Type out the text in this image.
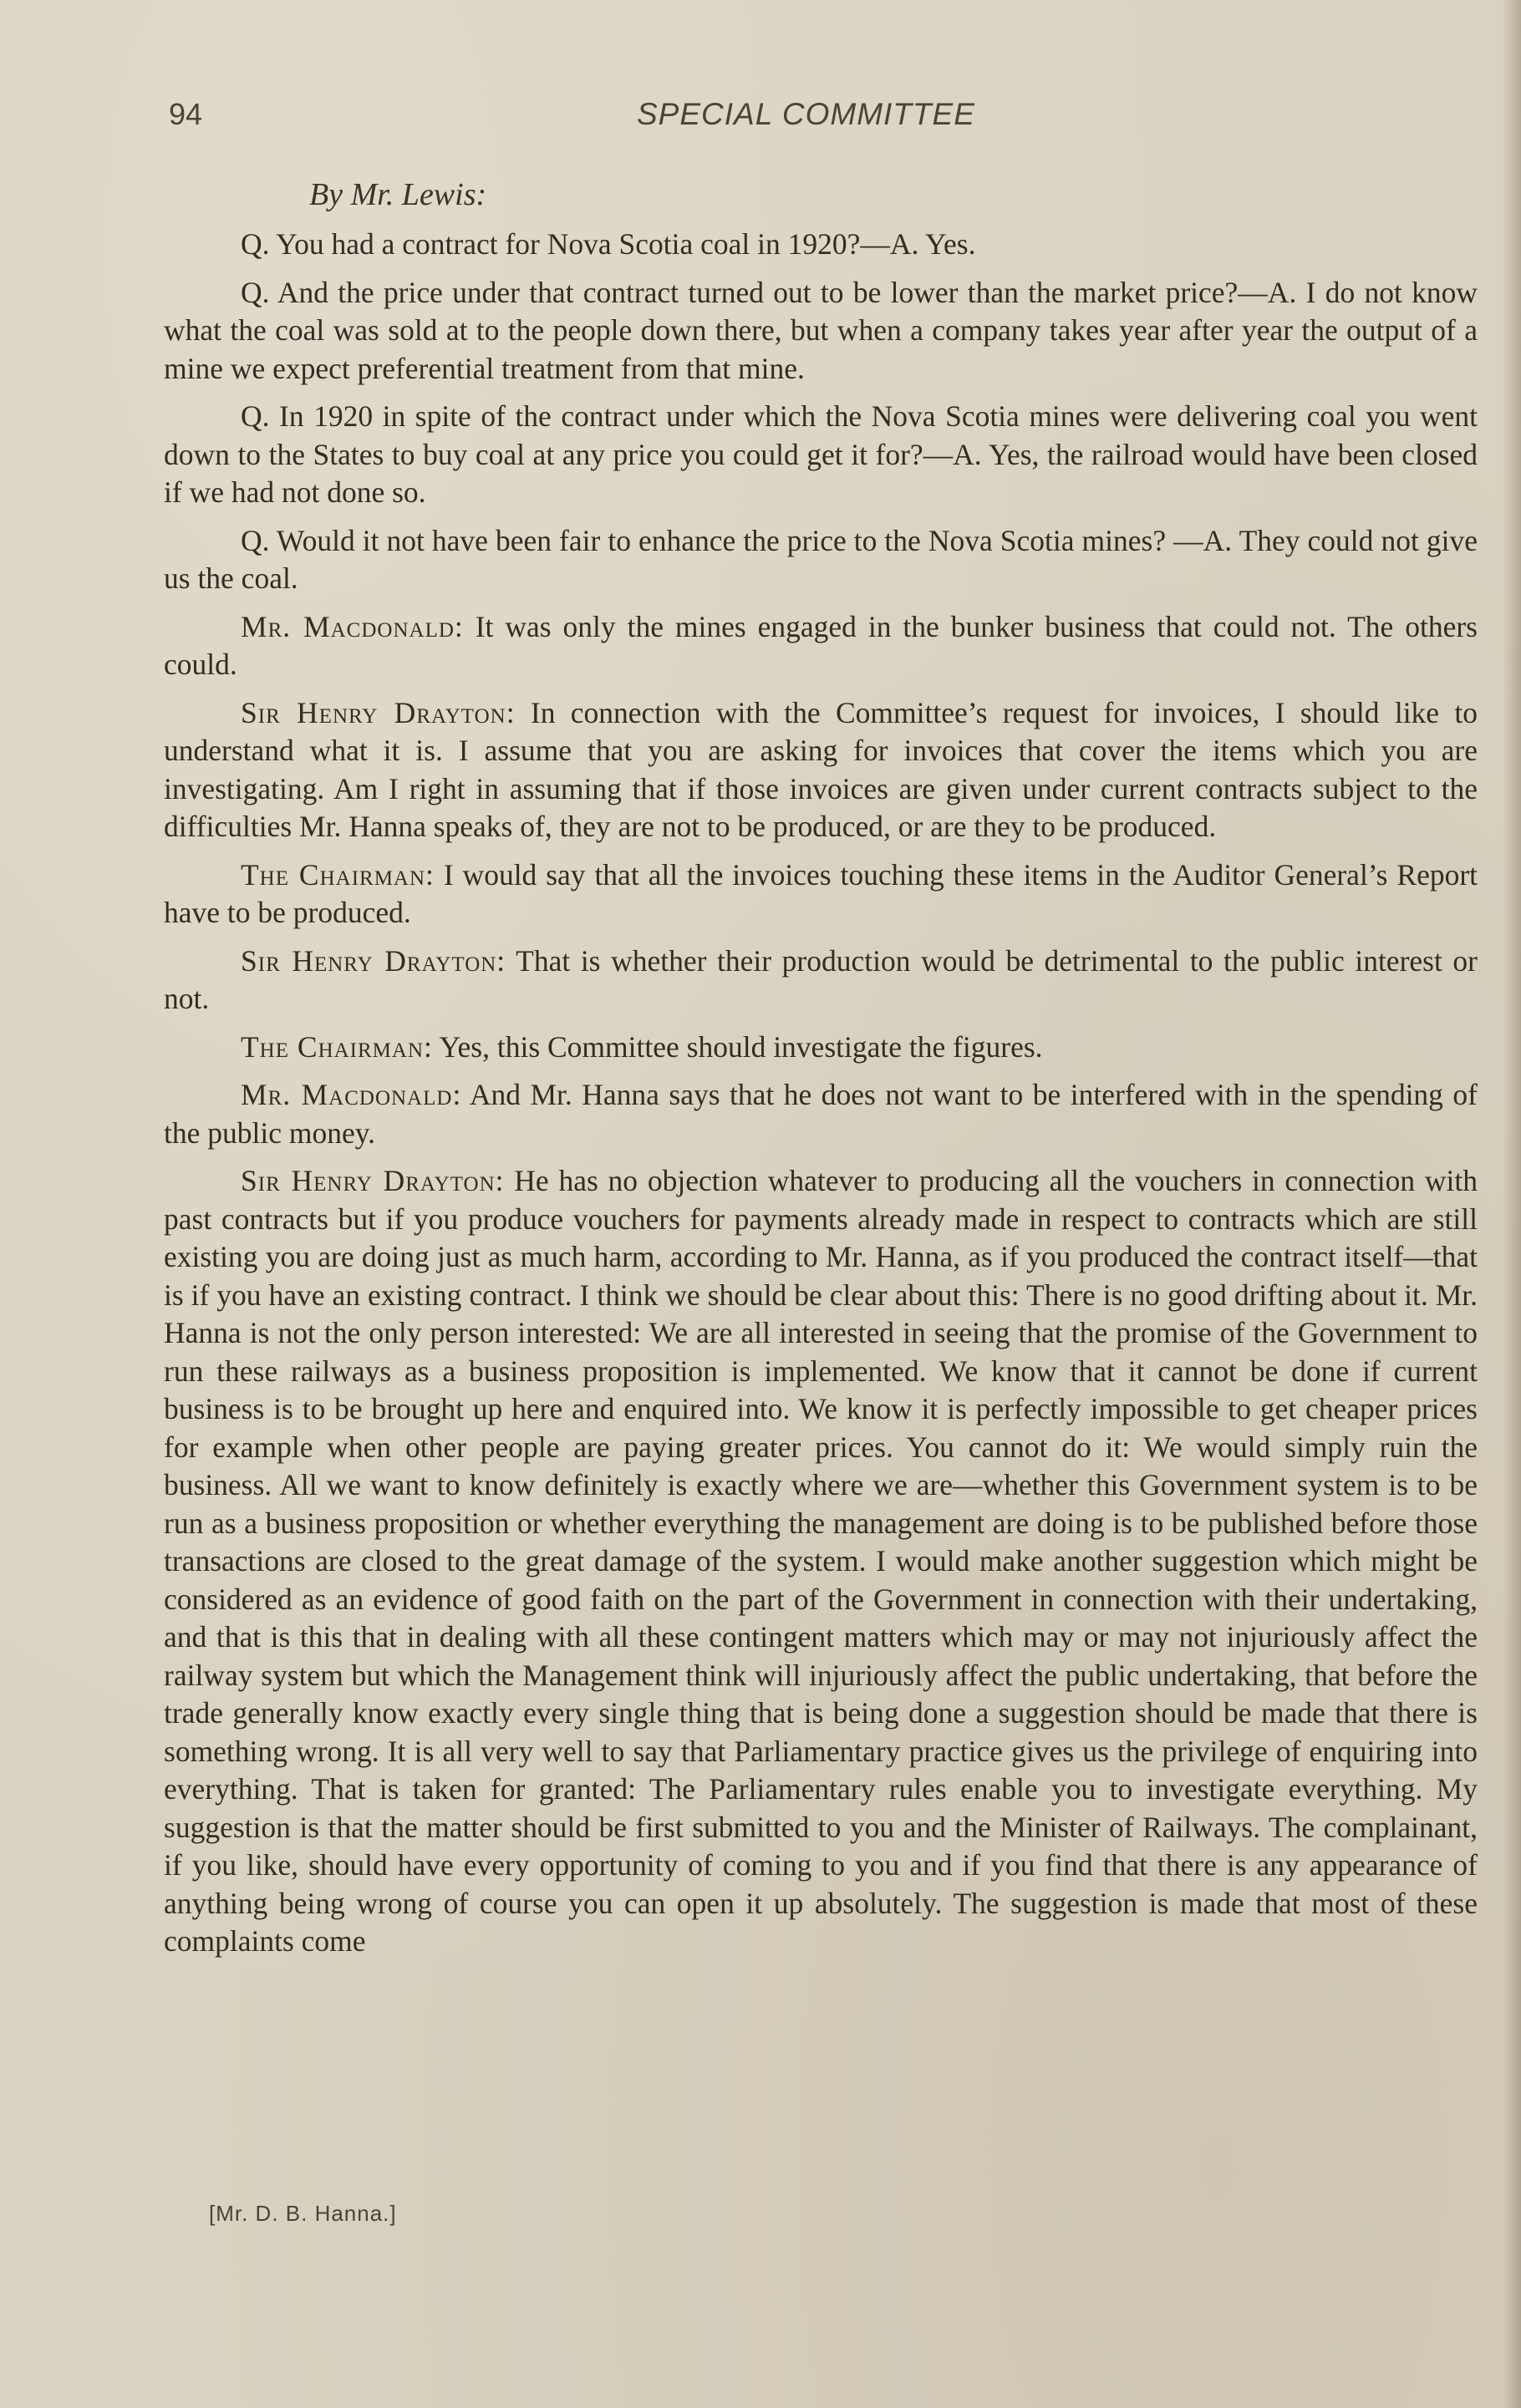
94	SPECIAL COMMITTEE
By Mr. Lewis:

Q. You had a contract for Nova Scotia coal in 1920?—A. Yes.

Q. And the price under that contract turned out to be lower than the market price?—A. I do not know what the coal was sold at to the people down there, but when a company takes year after year the output of a mine we expect preferential treatment from that mine.

Q. In 1920 in spite of the contract under which the Nova Scotia mines were delivering coal you went down to the States to buy coal at any price you could get it for?—A. Yes, the railroad would have been closed if we had not done so.

Q. Would it not have been fair to enhance the price to the Nova Scotia mines? —A. They could not give us the coal.

Mr. Macdonald: It was only the mines engaged in the bunker business that could not. The others could.

Sir Henry Drayton: In connection with the Committee’s request for invoices, I should like to understand what it is. I assume that you are asking for invoices that cover the items which you are investigating. Am I right in assuming that if those invoices are given under current contracts subject to the difficulties Mr. Hanna speaks of, they are not to be produced, or are they to be produced.

The Chairman: I would say that all the invoices touching these items in the Auditor General’s Report have to be produced.

Sir Henry Drayton: That is whether their production would be detrimental to the public interest or not.

The Chairman: Yes, this Committee should investigate the figures.

Mr. Macdonald: And Mr. Hanna says that he does not want to be interfered with in the spending of the public money.

Sir Henry Drayton: He has no objection whatever to producing all the vouchers in connection with past contracts but if you produce vouchers for payments already made in respect to contracts which are still existing you are doing just as much harm, according to Mr. Hanna, as if you produced the contract itself—that is if you have an existing contract. I think we should be clear about this: There is no good drifting about it. Mr. Hanna is not the only person interested: We are all interested in seeing that the promise of the Government to run these railways as a business proposition is implemented. We know that it cannot be done if current business is to be brought up here and enquired into. We know it is perfectly impossible to get cheaper prices for example when other people are paying greater prices. You cannot do it: We would simply ruin the business. All we want to know definitely is exactly where we are—whether this Government system is to be run as a business proposition or whether everything the management are doing is to be published before those transactions are closed to the great damage of the system. I would make another suggestion which might be considered as an evidence of good faith on the part of the Government in connection with their undertaking, and that is this that in dealing with all these contingent matters which may or may not injuriously affect the railway system but which the Management think will injuriously affect the public undertaking, that before the trade generally know exactly every single thing that is being done a suggestion should be made that there is something wrong. It is all very well to say that Parliamentary practice gives us the privilege of enquiring into everything. That is taken for granted: The Parliamentary rules enable you to investigate everything. My suggestion is that the matter should be first submitted to you and the Minister of Railways. The complainant, if you like, should have every opportunity of coming to you and if you find that there is any appearance of anything being wrong of course you can open it up absolutely. The suggestion is made that most of these complaints come

[Mr. D. B. Hanna.]
